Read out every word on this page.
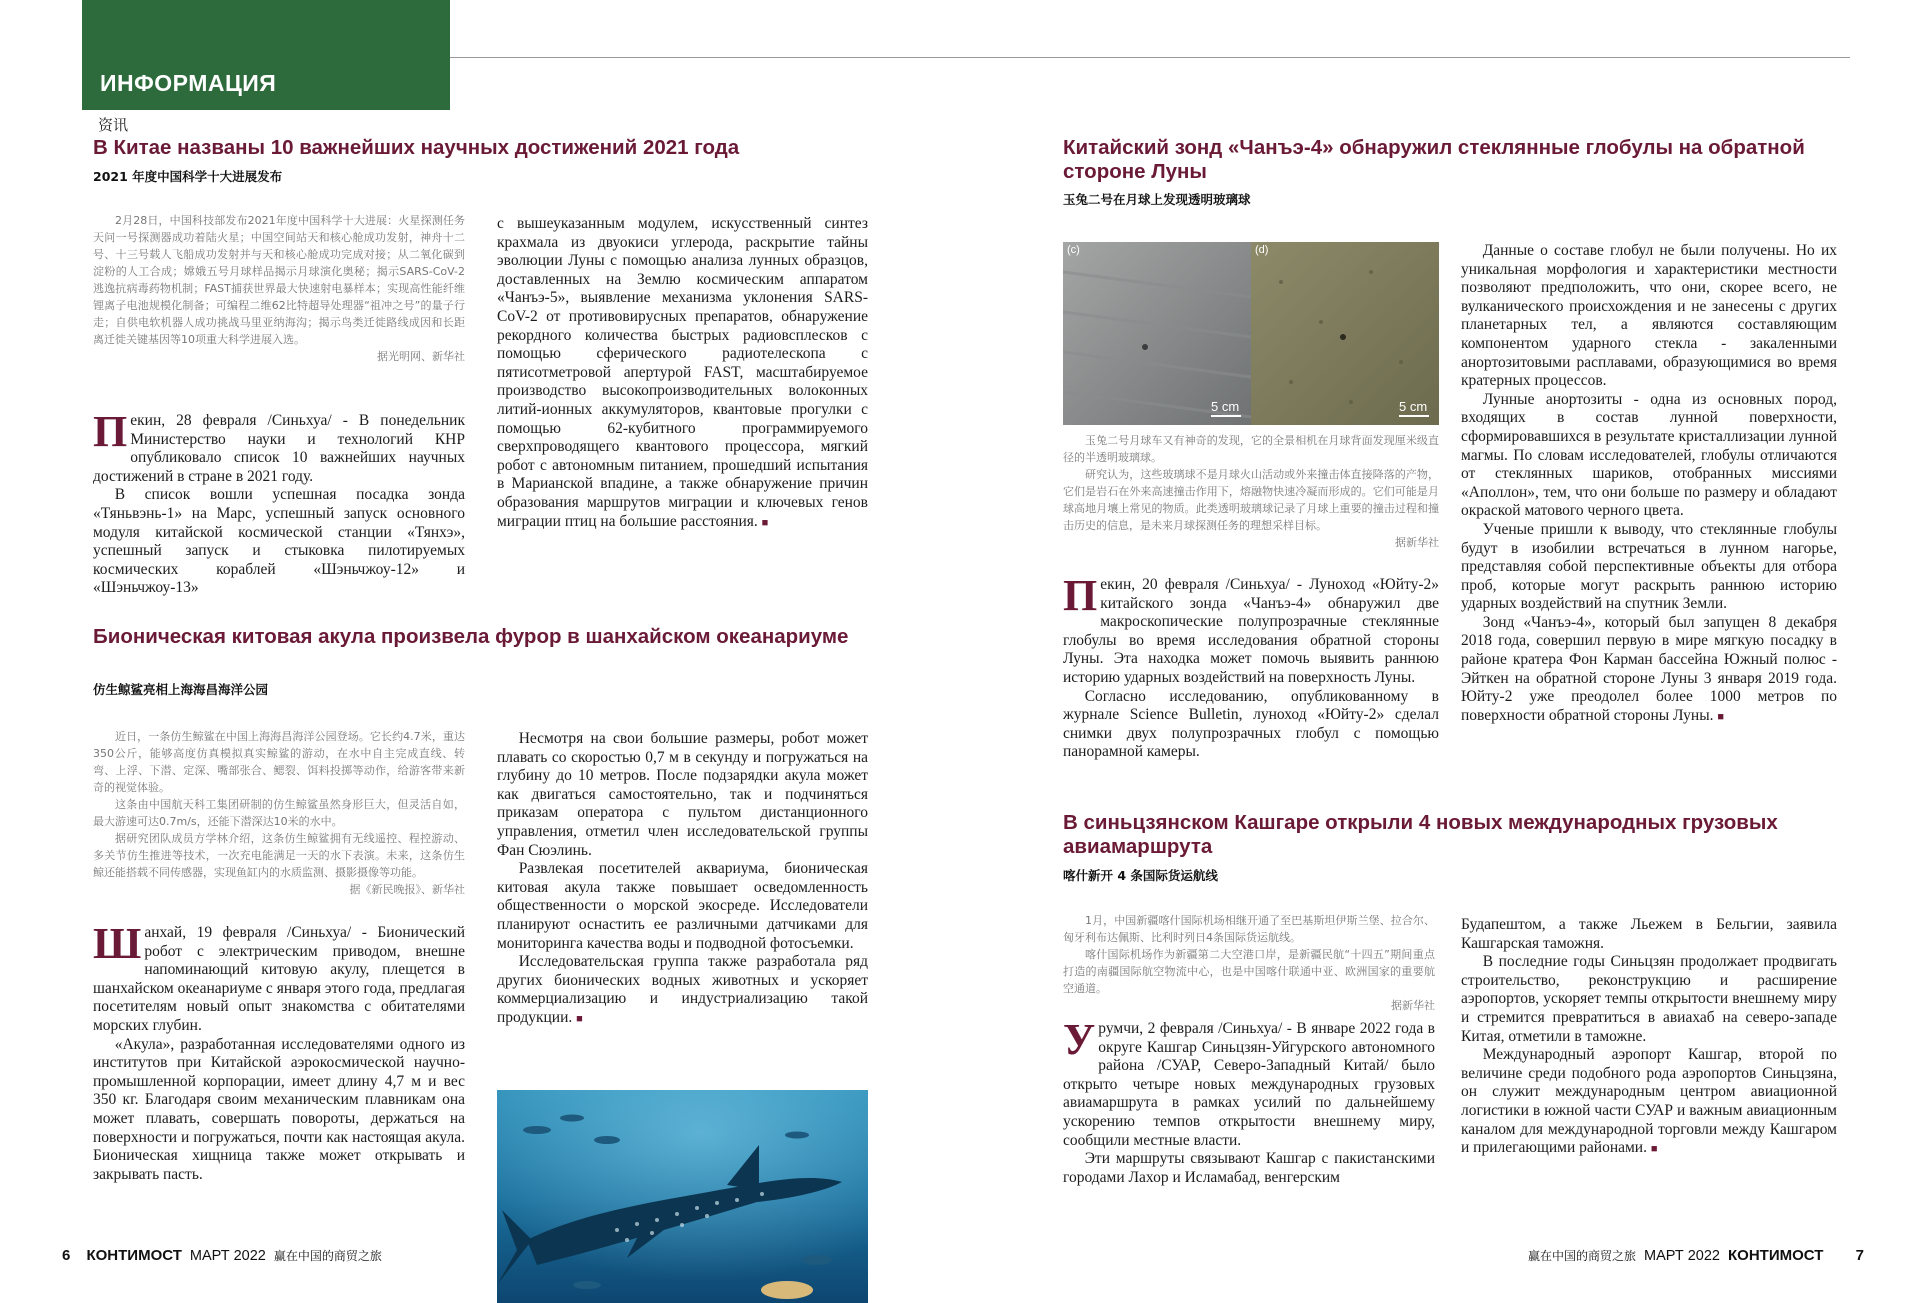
ИНФОРМАЦИЯ
资讯
В Китае названы 10 важнейших научных достижений 2021 года
2021 年度中国科学十大进展发布

2月28日，中国科技部发布2021年度中国科学十大进展：火星探测任务天问一号探测器成功着陆火星；中国空间站天和核心舱成功发射，神舟十二号、十三号载人飞船成功发射并与天和核心舱成功完成对接；从二氧化碳到淀粉的人工合成；嫦娥五号月球样品揭示月球演化奥秘；揭示SARS-CoV-2逃逸抗病毒药物机制；FAST捕获世界最大快速射电暴样本；实现高性能纤维锂离子电池规模化制备；可编程二维62比特超导处理器“祖冲之号”的量子行走；自供电软机器人成功挑战马里亚纳海沟；揭示鸟类迁徙路线成因和长距离迁徙关键基因等10项重大科学进展入选。

据光明网、新华社

Пекин, 28 февраля /Синьхуа/ - В понедельник Министерство науки и технологий КНР опубликовало список 10 важнейших научных достижений в стране в 2021 году.

В список вошли успешная посадка зонда «Тяньвэнь-1» на Марс, успешный запуск основного модуля китайской космической станции «Тянхэ», успешный запуск и стыковка пилотируемых космических кораблей «Шэньчжоу-12» и «Шэньчжоу-13»

с вышеуказанным модулем, искусственный синтез крахмала из двуокиси углерода, раскрытие тайны эволюции Луны с помощью анализа лунных образцов, доставленных на Землю космическим аппаратом «Чанъэ-5», выявление механизма уклонения SARS-CoV-2 от противовирусных препаратов, обнаружение рекордного количества быстрых радиовсплесков с помощью сферического радиотелескопа с пятисотметровой апертурой FAST, масштабируемое производство высокопроизводительных волоконных литий-ионных аккумуляторов, квантовые прогулки с помощью 62-кубитного программируемого сверхпроводящего квантового процессора, мягкий робот с автономным питанием, прошедший испытания в Марианской впадине, а также обнаружение причин образования маршрутов миграции и ключевых генов миграции птиц на большие расстояния. ■

Бионическая китовая акула произвела фурор в шанхайском океанариуме
仿生鲸鲨亮相上海海昌海洋公园

近日，一条仿生鲸鲨在中国上海海昌海洋公园登场。它长约4.7米，重达350公斤，能够高度仿真模拟真实鲸鲨的游动，在水中自主完成直线、转弯、上浮、下潜、定深、嘴部张合、鳃裂、饵料投掷等动作，给游客带来新奇的视觉体验。

这条由中国航天科工集团研制的仿生鲸鲨虽然身形巨大，但灵活自如，最大游速可达0.7m/s，还能下潜深达10米的水中。

据研究团队成员方学林介绍，这条仿生鲸鲨拥有无线遥控、程控游动、多关节仿生推进等技术，一次充电能满足一天的水下表演。未来，这条仿生鲸还能搭载不同传感器，实现鱼缸内的水质监测、摄影摄像等功能。

据《新民晚报》、新华社

Шанхай, 19 февраля /Синьхуа/ - Бионический робот с электрическим приводом, внешне напоминающий китовую акулу, плещется в шанхайском океанариуме с января этого года, предлагая посетителям новый опыт знакомства с обитателями морских глубин.

«Акула», разработанная исследователями одного из институтов при Китайской аэрокосмической научно-промышленной корпорации, имеет длину 4,7 м и вес 350 кг. Благодаря своим механическим плавникам она может плавать, совершать повороты, держаться на поверхности и погружаться, почти как настоящая акула. Бионическая хищница также может открывать и закрывать пасть.

Несмотря на свои большие размеры, робот может плавать со скоростью 0,7 м в секунду и погружаться на глубину до 10 метров. После подзарядки акула может как двигаться самостоятельно, так и подчиняться приказам оператора с пультом дистанционного управления, отметил член исследовательской группы Фан Сюэлинь.

Развлекая посетителей аквариума, бионическая китовая акула также повышает осведомленность общественности о морской экосреде. Исследователи планируют оснастить ее различными датчиками для мониторинга качества воды и подводной фотосъемки.

Исследовательская группа также разработала ряд других бионических водных животных и ускоряет коммерциализацию и индустриализацию такой продукции. ■

Китайский зонд «Чанъэ-4» обнаружил стеклянные глобулы на обратной стороне Луны
玉兔二号在月球上发现透明玻璃球
(c)
5 cm
(d)
5 cm

玉兔二号月球车又有神奇的发现，它的全景相机在月球背面发现厘米级直径的半透明玻璃球。

研究认为，这些玻璃球不是月球火山活动或外来撞击体直接降落的产物，它们是岩石在外来高速撞击作用下，熔融物快速冷凝而形成的。它们可能是月球高地月壤上常见的物质。此类透明玻璃球记录了月球上重要的撞击过程和撞击历史的信息，是未来月球探测任务的理想采样目标。

据新华社

Пекин, 20 февраля /Синьхуа/ - Луноход «Юйту-2» китайского зонда «Чанъэ-4» обнаружил две макроскопические полупрозрачные стеклянные глобулы во время исследования обратной стороны Луны. Эта находка может помочь выявить раннюю историю ударных воздействий на поверхность Луны.

Согласно исследованию, опубликованному в журнале Science Bulletin, луноход «Юйту-2» сделал снимки двух полупрозрачных глобул с помощью панорамной камеры.

Данные о составе глобул не были получены. Но их уникальная морфология и характеристики местности позволяют предположить, что они, скорее всего, не вулканического происхождения и не занесены с других планетарных тел, а являются составляющим компонентом ударного стекла - закаленными анортозитовыми расплавами, образующимися во время кратерных процессов.

Лунные анортозиты - одна из основных пород, входящих в состав лунной поверхности, сформировавшихся в результате кристаллизации лунной магмы. По словам исследователей, глобулы отличаются от стеклянных шариков, отобранных миссиями «Аполлон», тем, что они больше по размеру и обладают окраской матового черного цвета.

Ученые пришли к выводу, что стеклянные глобулы будут в изобилии встречаться в лунном нагорье, представляя собой перспективные объекты для отбора проб, которые могут раскрыть раннюю историю ударных воздействий на спутник Земли.

Зонд «Чанъэ-4», который был запущен 8 декабря 2018 года, совершил первую в мире мягкую посадку в районе кратера Фон Карман бассейна Южный полюс - Эйткен на обратной стороне Луны 3 января 2019 года. Юйту-2 уже преодолел более 1000 метров по поверхности обратной стороны Луны. ■

В синьцзянском Кашгаре открыли 4 новых международных грузовых авиамаршрута
喀什新开 4 条国际货运航线

1月，中国新疆喀什国际机场相继开通了至巴基斯坦伊斯兰堡、拉合尔、匈牙利布达佩斯、比利时列日4条国际货运航线。

喀什国际机场作为新疆第二大空港口岸，是新疆民航“十四五”期间重点打造的南疆国际航空物流中心，也是中国喀什联通中亚、欧洲国家的重要航空通道。

据新华社

Урумчи, 2 февраля /Синьхуа/ - В январе 2022 года в округе Кашгар Синьцзян-Уйгурского автономного района /СУАР, Северо-Западный Китай/ было открыто четыре новых международных грузовых авиамаршрута в рамках усилий по дальнейшему ускорению темпов открытости внешнему миру, сообщили местные власти.

Эти маршруты связывают Кашгар с пакистанскими городами Лахор и Исламабад, венгерским

Будапештом, а также Льежем в Бельгии, заявила Кашгарская таможня.

В последние годы Синьцзян продолжает продвигать строительство, реконструкцию и расширение аэропортов, ускоряет темпы открытости внешнему миру и стремится превратиться в авиахаб на северо-западе Китая, отметили в таможне.

Международный аэропорт Кашгар, второй по величине среди подобного рода аэропортов Синьцзяна, он служит международным центром авиационной логистики в южной части СУАР и важным авиационным каналом для международной торговли между Кашгаром и прилегающими районами. ■

6 КОНТИМОСТ МАРТ 2022 赢在中国的商贸之旅	赢在中国的商贸之旅 МАРТ 2022 КОНТИМОСТ 7
